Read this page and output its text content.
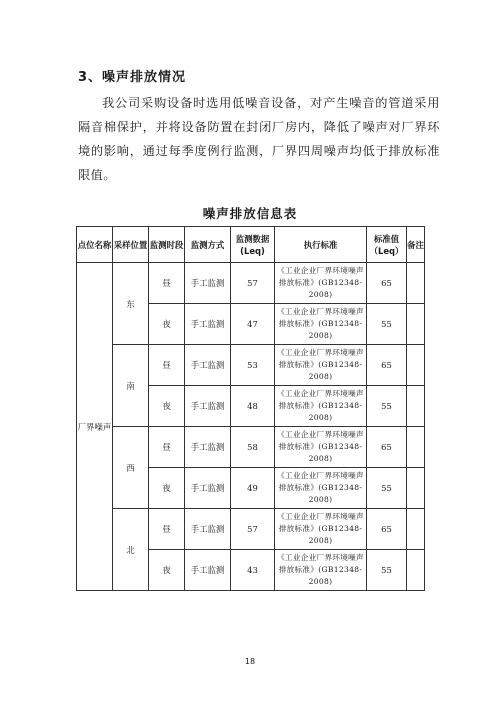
3、噪声排放情况
我公司采购设备时选用低噪音设备，对产生噪音的管道采用隔音棉保护，并将设备防置在封闭厂房内，降低了噪声对厂界环境的影响，通过每季度例行监测，厂界四周噪声均低于排放标准限值。
噪声排放信息表
点位名称	采样位置	监测时段	监测方式	监测数据(Leq)	执行标准	标准值（Leq）	备注
厂界噪声	东	昼	手工监测	57	《工业企业厂界环境噪声排放标准》(GB12348-2008)	65	
		夜	手工监测	47	《工业企业厂界环境噪声排放标准》(GB12348-2008)	55	
	南	昼	手工监测	53	《工业企业厂界环境噪声排放标准》(GB12348-2008)	65	
		夜	手工监测	48	《工业企业厂界环境噪声排放标准》(GB12348-2008)	55	
	西	昼	手工监测	58	《工业企业厂界环境噪声排放标准》(GB12348-2008)	65	
		夜	手工监测	49	《工业企业厂界环境噪声排放标准》(GB12348-2008)	55	
	北	昼	手工监测	57	《工业企业厂界环境噪声排放标准》(GB12348-2008)	65	
		夜	手工监测	43	《工业企业厂界环境噪声排放标准》(GB12348-2008)	55	
18
